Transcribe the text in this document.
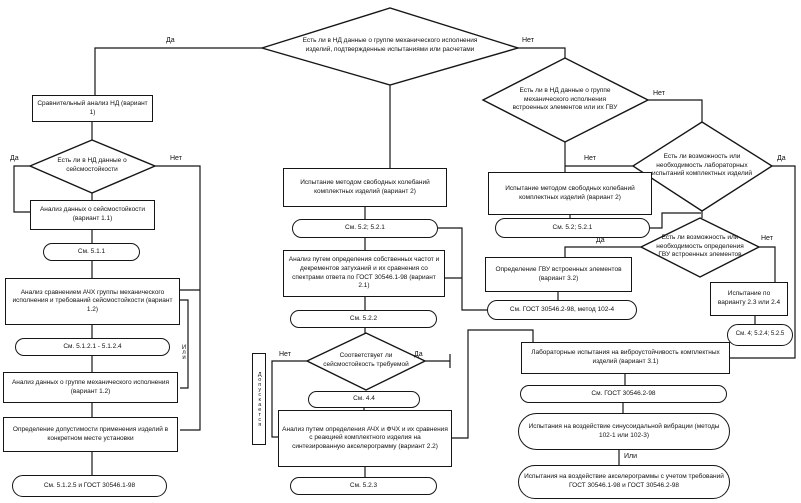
Есть ли в НД данные о группе механического исполнения изделий, подтвержденные испытаниями или расчетами
Есть ли в НД данные о сейсмостойкости
Соответствует ли сейсмостойкость требуемой
Есть ли в НД данные о группе механического исполнения встроенных элементов или их ГВУ
Есть ли возможность или необходимость лабораторных испытаний комплектных изделий
Есть ли возможность или необходимость определения ГВУ встроенных элементов
Сравнительный анализ НД (вариант 1)
Анализ данных о сейсмостойкости (вариант 1.1)
См. 5.1.1
Анализ сравнением АЧХ группы механического исполнения и требований сейсмостойкости (вариант 1.2)
См. 5.1.2.1 - 5.1.2.4
Анализ данных о группе механического исполнения (вариант 1.2)
Определение допустимости применения изделий в конкретном месте установки
См. 5.1.2.5 и ГОСТ 30546.1-98
Испытание методом свободных колебаний комплектных изделий (вариант 2)
См. 5.2; 5.2.1
Анализ путем определения собственных частот и декрементов затуханий и их сравнения со спектрами ответа по ГОСТ 30546.1-98 (вариант 2.1)
См. 5.2.2
См. 4.4
Анализ путем определения АЧХ и ФЧХ и их сравнения с реакцией комплектного изделия на синтезированную акселерограмму (вариант 2.2)
См. 5.2.3
Допускается
Испытание методом свободных колебаний комплектных изделий (вариант 2)
См. 5.2; 5.2.1
Определение ГВУ встроенных элементов (вариант 3.2)
См. ГОСТ 30546.2-98, метод 102-4
Испытание по варианту 2.3 или 2.4
См. 4; 5.2.4; 5.2.5
Лабораторные испытания на виброустойчивость комплектных изделий (вариант 3.1)
См. ГОСТ 30546.2-98
Испытания на воздействие синусоидальной вибрации (методы 102-1 или 102-3)
Испытания на воздействие акселерограммы с учетом требований ГОСТ 30546.1-98 и ГОСТ 30546.2-98
Да	Нет
Да	Нет
Да
Нет
Нет
Нет	Да
Да	Нет
Или
Или
